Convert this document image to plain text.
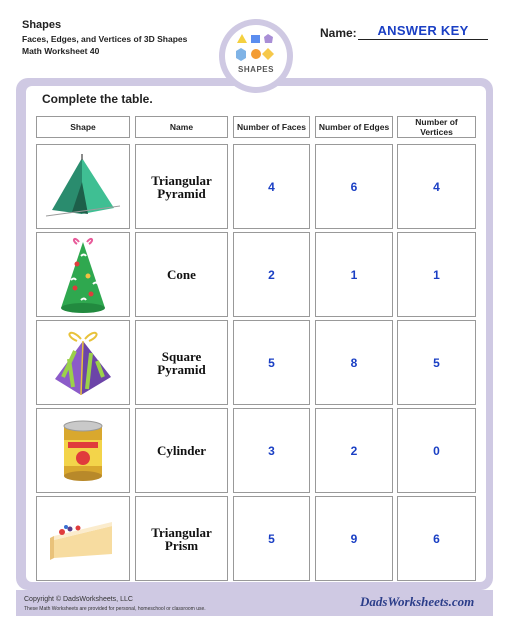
Shapes
Faces, Edges, and Vertices of 3D Shapes
Math Worksheet 40
Name:	ANSWER KEY
SHAPES
Complete the table.
Shape	Name	Number of Faces	Number of Edges	Number of Vertices
Triangular Pyramid	4	6	4
Cone	2	1	1
Square Pyramid	5	8	5
Cylinder	3	2	0
Triangular Prism	5	9	6
Copyright © DadsWorksheets, LLC
These Math Worksheets are provided for personal, homeschool or classroom use.	DadsWorksheets.com
